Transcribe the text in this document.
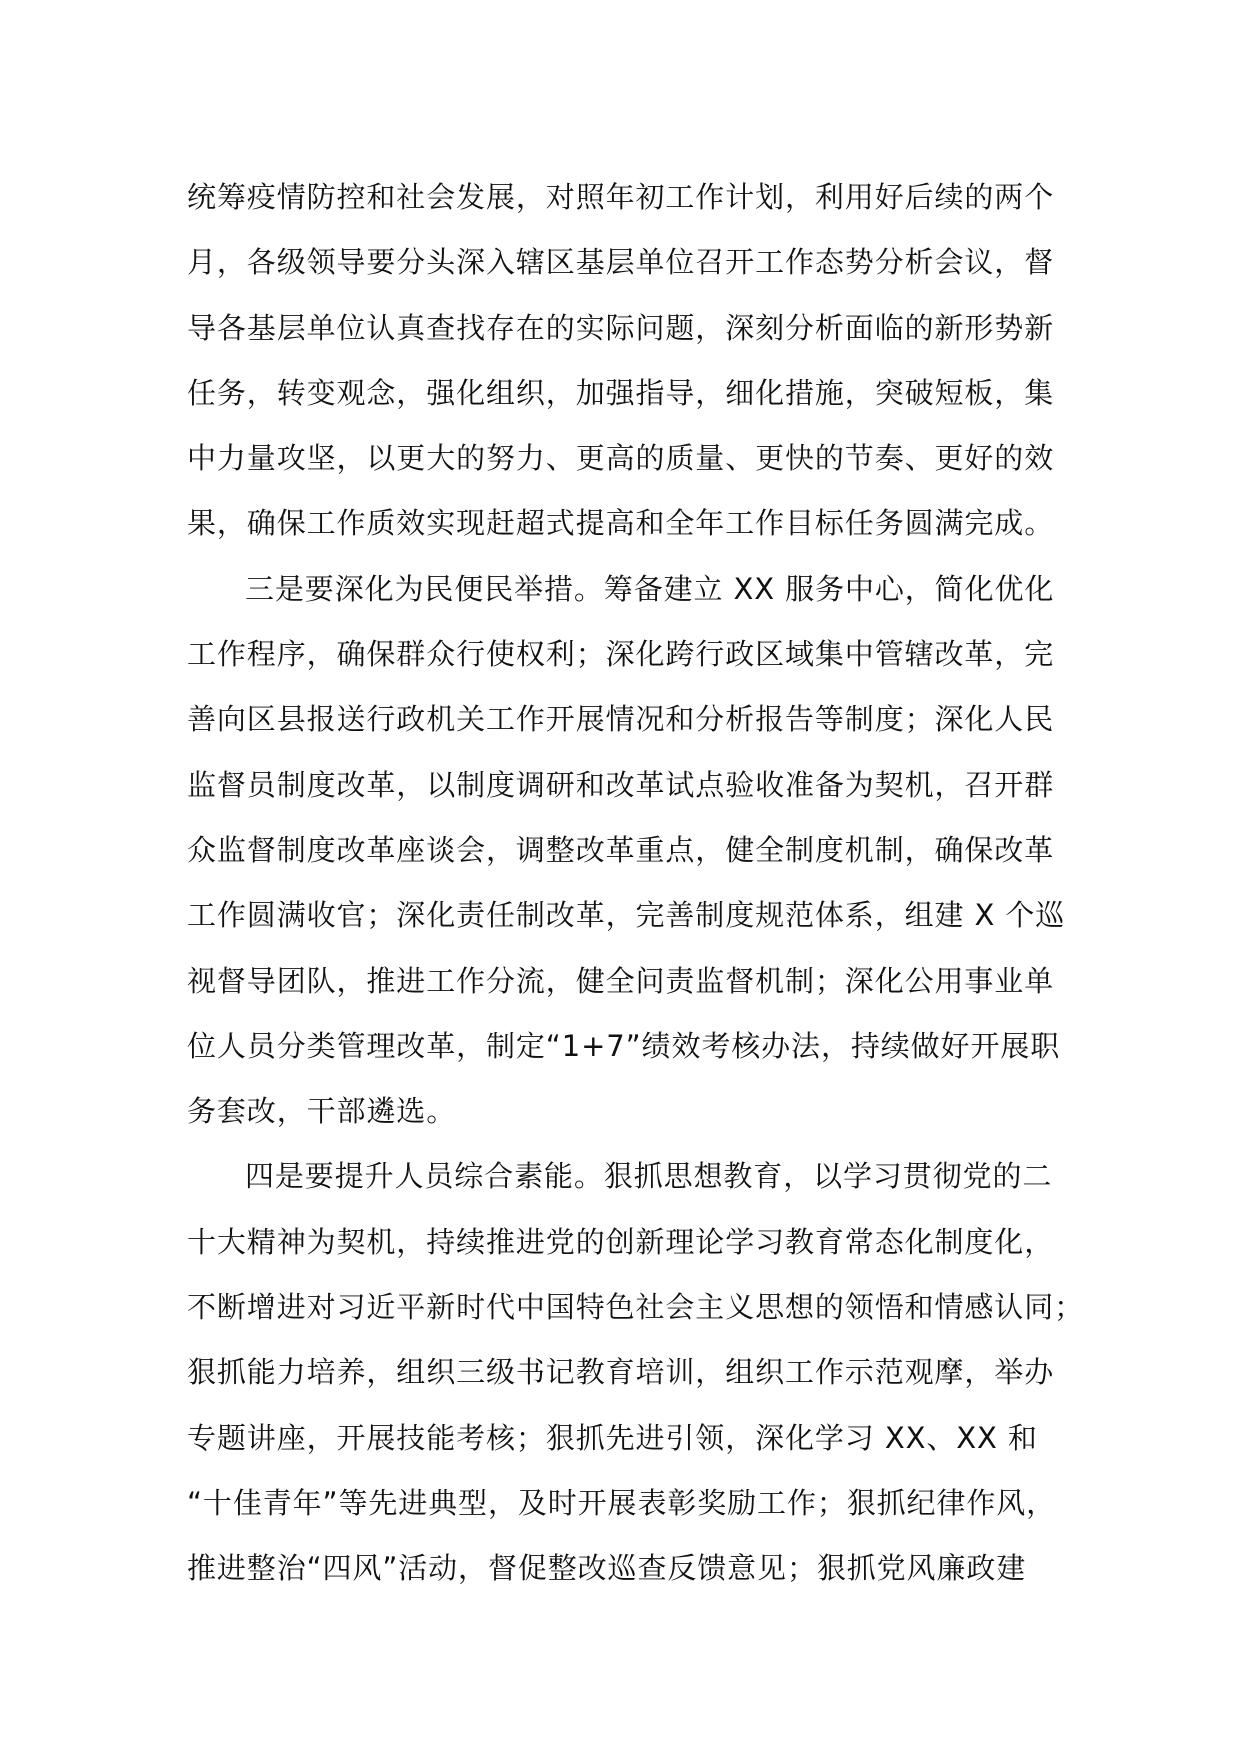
统筹疫情防控和社会发展，对照年初工作计划，利用好后续的两个
月，各级领导要分头深入辖区基层单位召开工作态势分析会议，督
导各基层单位认真查找存在的实际问题，深刻分析面临的新形势新
任务，转变观念，强化组织，加强指导，细化措施，突破短板，集
中力量攻坚，以更大的努力、更高的质量、更快的节奏、更好的效
果，确保工作质效实现赶超式提高和全年工作目标任务圆满完成。
三是要深化为民便民举措。筹备建立 XX 服务中心，简化优化
工作程序，确保群众行使权利；深化跨行政区域集中管辖改革，完
善向区县报送行政机关工作开展情况和分析报告等制度；深化人民
监督员制度改革，以制度调研和改革试点验收准备为契机，召开群
众监督制度改革座谈会，调整改革重点，健全制度机制，确保改革
工作圆满收官；深化责任制改革，完善制度规范体系，组建 X 个巡
视督导团队，推进工作分流，健全问责监督机制；深化公用事业单
位人员分类管理改革，制定“1+7”绩效考核办法，持续做好开展职
务套改，干部遴选。
四是要提升人员综合素能。狠抓思想教育，以学习贯彻党的二
十大精神为契机，持续推进党的创新理论学习教育常态化制度化，
不断增进对习近平新时代中国特色社会主义思想的领悟和情感认同；
狠抓能力培养，组织三级书记教育培训，组织工作示范观摩，举办
专题讲座，开展技能考核；狠抓先进引领，深化学习 XX、XX 和
“十佳青年”等先进典型，及时开展表彰奖励工作；狠抓纪律作风，
推进整治“四风”活动，督促整改巡查反馈意见；狠抓党风廉政建
